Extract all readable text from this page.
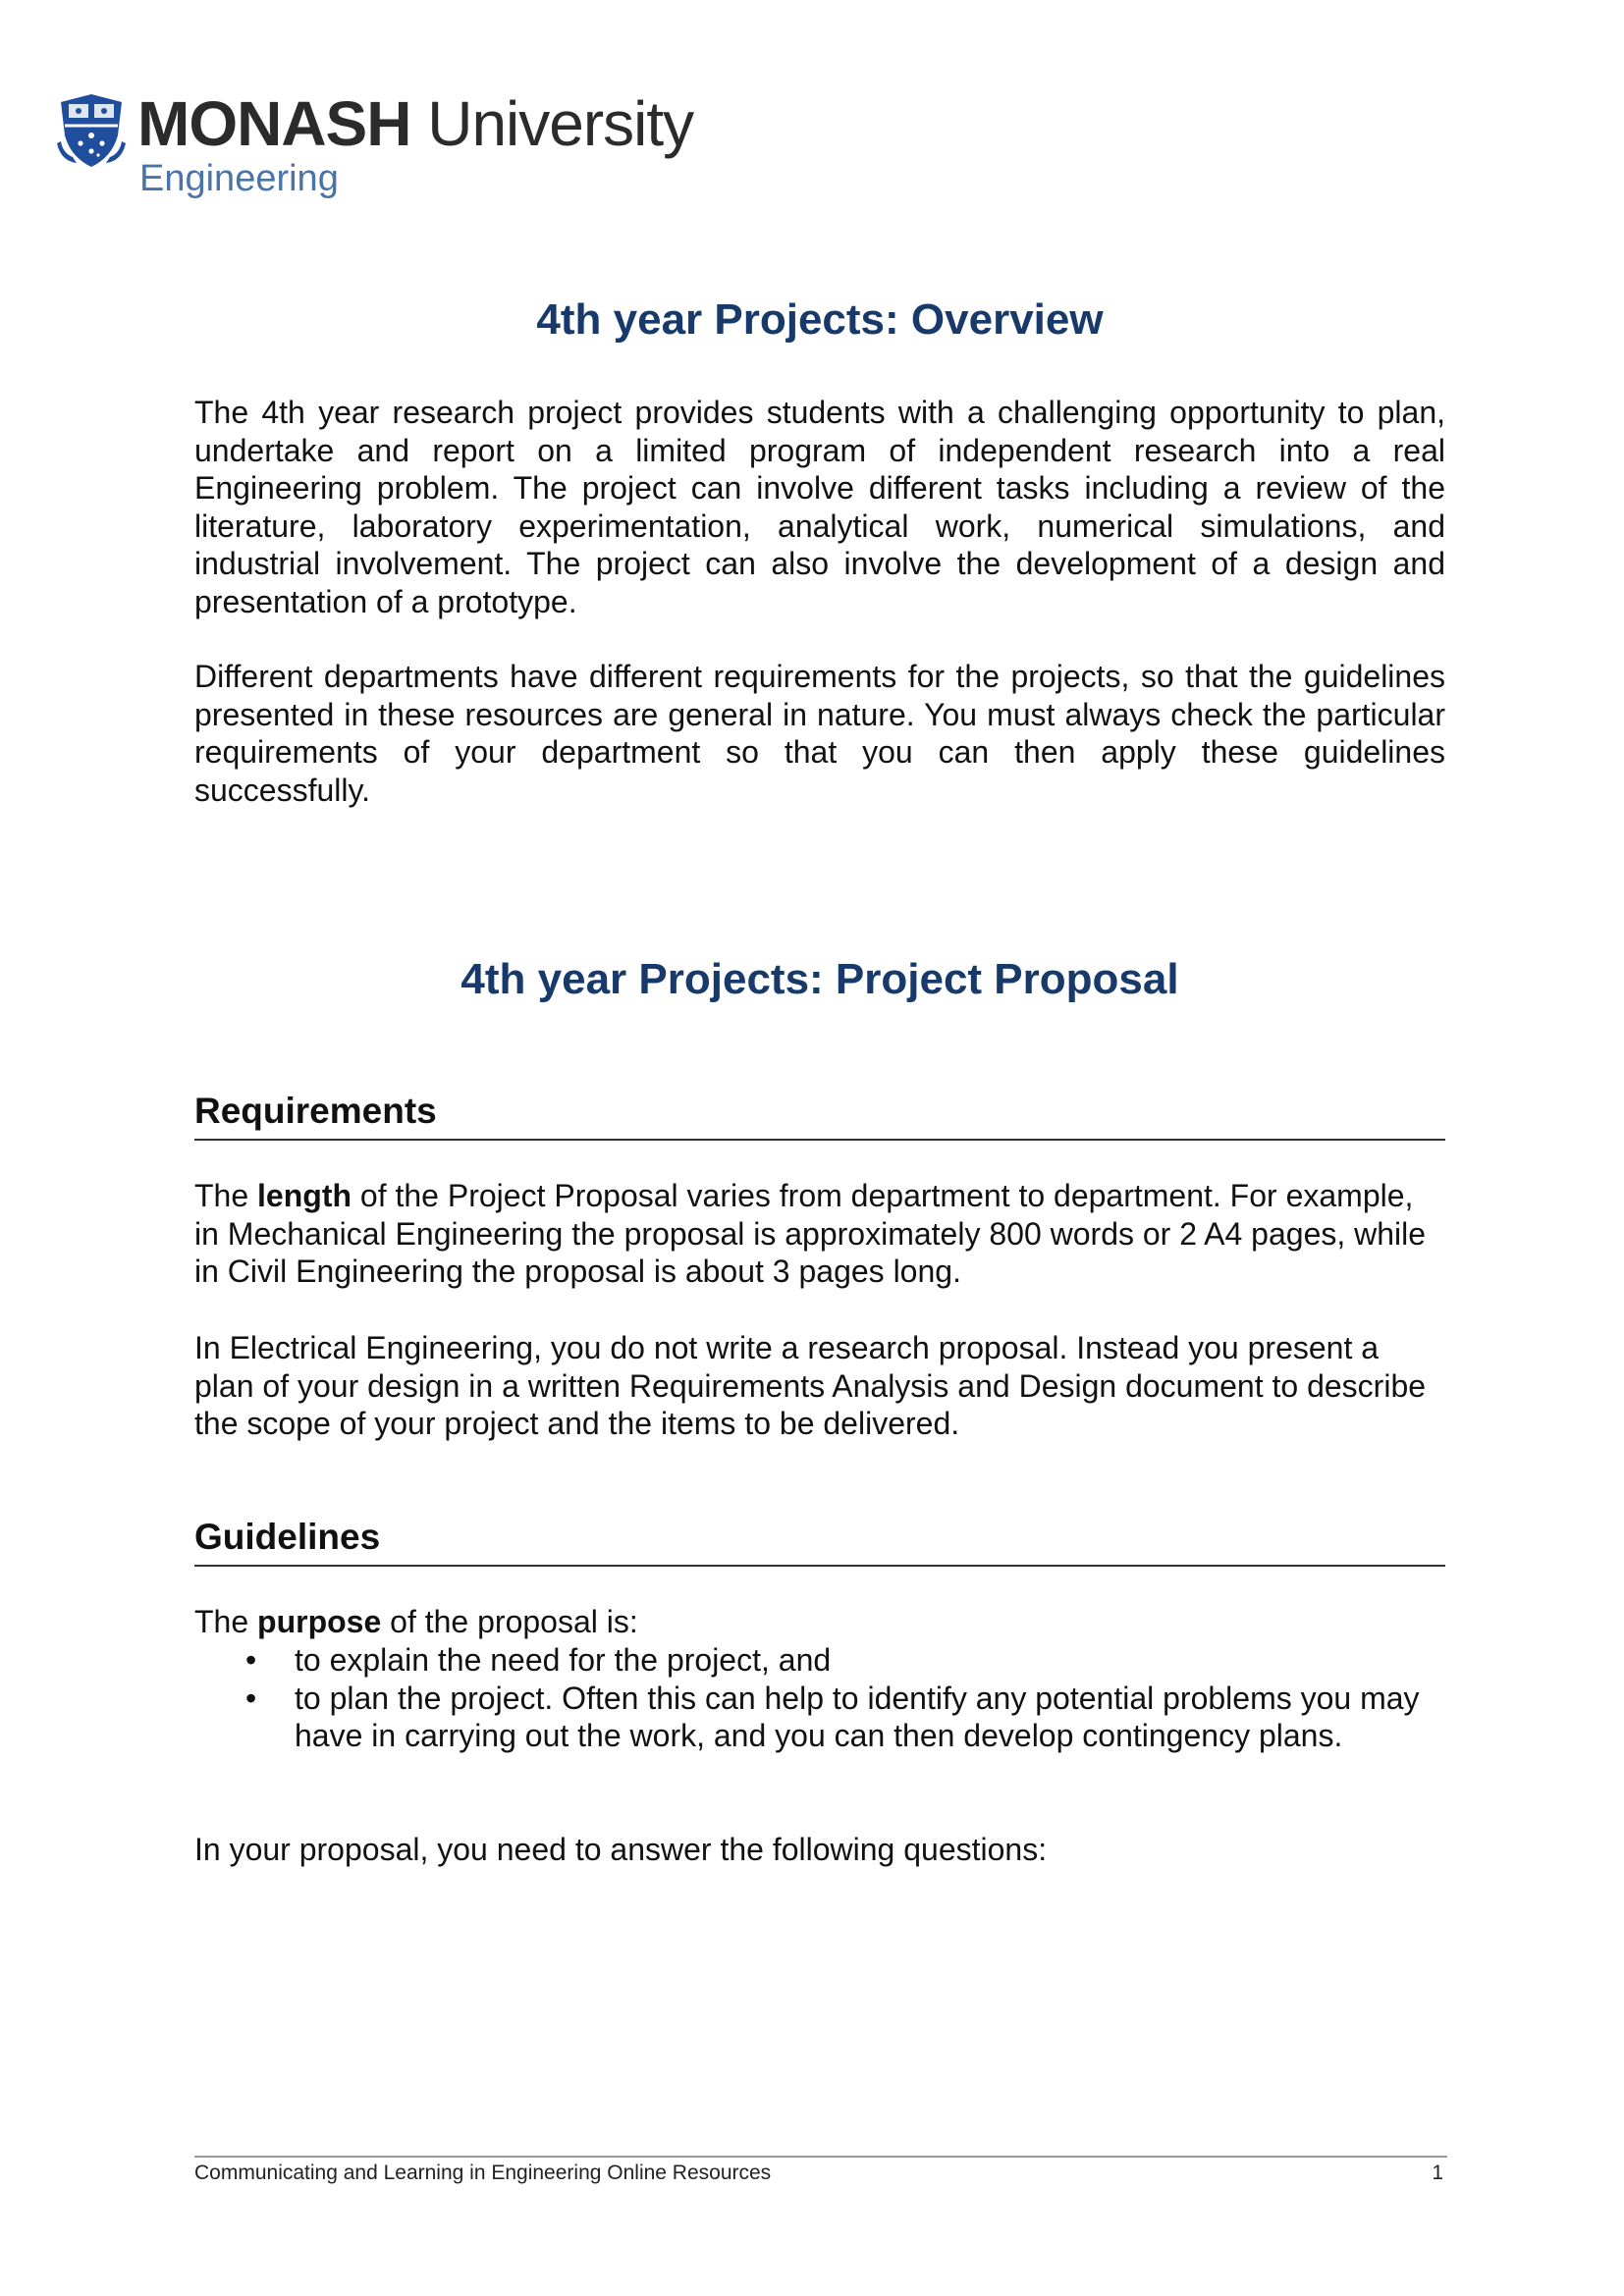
MONASH University
Engineering
4th year Projects: Overview

The 4th year research project provides students with a challenging opportunity to plan, undertake and report on a limited program of independent research into a real Engineering problem. The project can involve different tasks including a review of the literature, laboratory experimentation, analytical work, numerical simulations, and industrial involvement. The project can also involve the development of a design and presentation of a prototype.

Different departments have different requirements for the projects, so that the guidelines presented in these resources are general in nature. You must always check the particular requirements of your department so that you can then apply these guidelines successfully.

4th year Projects: Project Proposal
Requirements

The length of the Project Proposal varies from department to department. For example, in Mechanical Engineering the proposal is approximately 800 words or 2 A4 pages, while in Civil Engineering the proposal is about 3 pages long.

In Electrical Engineering, you do not write a research proposal. Instead you present a plan of your design in a written Requirements Analysis and Design document to describe the scope of your project and the items to be delivered.

Guidelines

The purpose of the proposal is:

• to explain the need for the project, and
• to plan the project. Often this can help to identify any potential problems you may have in carrying out the work, and you can then develop contingency plans.

In your proposal, you need to answer the following questions:

Communicating and Learning in Engineering Online Resources	1
